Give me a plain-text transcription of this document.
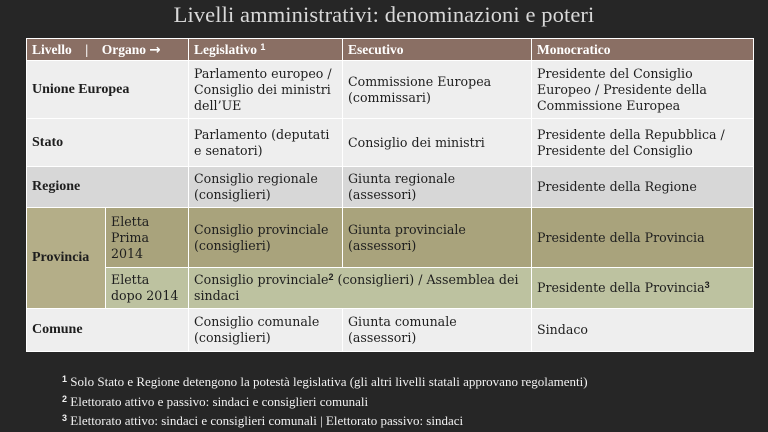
Livelli amministrativi: denominazioni e poteri
Livello | Organo →		Legislativo $^1$	Esecutivo	Monocratico
Unione Europea		Parlamento europeo / Consiglio dei ministri dell’UE	Commissione Europea (commissari)	Presidente del Consiglio Europeo / Presidente della Commissione Europea
Stato		Parlamento (deputati e senatori)	Consiglio dei ministri	Presidente della Repubblica / Presidente del Consiglio
Regione		Consiglio regionale (consiglieri)	Giunta regionale (assessori)	Presidente della Regione
Provincia	Eletta Prima 2014	Consiglio provinciale (consiglieri)	Giunta provinciale (assessori)	Presidente della Provincia
	Eletta dopo 2014	Consiglio provinciale$^2$ (consiglieri) / Assemblea dei sindaci		Presidente della Provincia$^3$
Comune		Consiglio comunale (consiglieri)	Giunta comunale (assessori)	Sindaco
$^1$ Solo Stato e Regione detengono la potestà legislativa (gli altri livelli statali approvano regolamenti)
$^2$ Elettorato attivo e passivo: sindaci e consiglieri comunali
$^3$ Elettorato attivo: sindaci e consiglieri comunali | Elettorato passivo: sindaci
